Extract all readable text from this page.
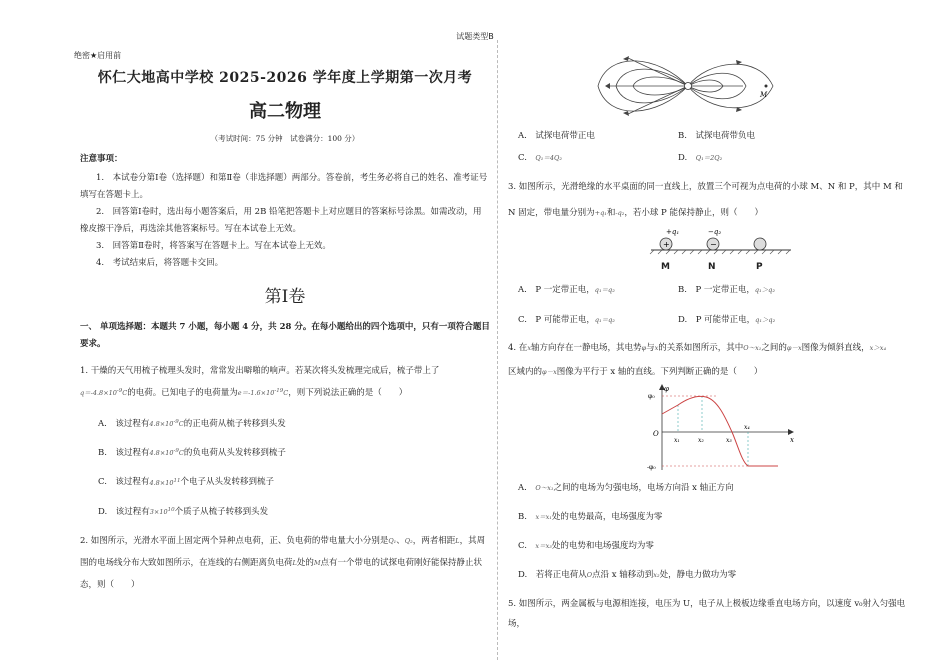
试题类型B
绝密★启用前
怀仁大地高中学校 2025-2026 学年度上学期第一次月考
高二物理
（考试时间：75 分钟　试卷满分：100 分）
注意事项：

1.　本试卷分第Ⅰ卷（选择题）和第Ⅱ卷（非选择题）两部分。答卷前，考生务必将自己的姓名、准考证号填写在答题卡上。

2.　回答第Ⅰ卷时，选出每小题答案后，用 2B 铅笔把答题卡上对应题目的答案标号涂黑。如需改动，用橡皮擦干净后，再选涂其他答案标号。写在本试卷上无效。

3.　回答第Ⅱ卷时，将答案写在答题卡上。写在本试卷上无效。

4.　考试结束后，将答题卡交回。

第Ⅰ卷

一、 单项选择题：本题共 7 小题，每小题 4 分，共 28 分。在每小题给出的四个选项中，只有一项符合题目要求。

1. 干燥的天气用梳子梳理头发时，常常发出噼啪的响声。若某次将头发梳理完成后，梳子带上了
$q=-4.8\times 10^{-9}C$的电荷。已知电子的电荷量为$e=-1.6\times 10^{-19}C$，则下列说法正确的是（　　）

A.　 该过程有$4.8\times 10^{-9}C$的正电荷从梳子转移到头发

B.　 该过程有$4.8\times 10^{-9}C$的负电荷从头发转移到梳子

C.　 该过程有$4.8\times 10^{11}$个电子从头发转移到梳子

D.　 该过程有$3\times 10^{10}$个质子从梳子转移到头发

2. 如图所示，光滑水平面上固定两个异种点电荷，正、负电荷的带电量大小分别是Q₁、Q₂，两者相距L，其周围的电场线分布大致如图所示，在连线的右侧距离负电荷L处的M点有一个带电的试探电荷刚好能保持静止状态，则（　　）

M
A.　 试探电荷带正电	B.　 试探电荷带负电
C.　 Q₁＝4Q₂	D.　 Q₁＝2Q₂

3. 如图所示，光滑绝缘的水平桌面的同一直线上，放置三个可视为点电荷的小球 M、N 和 P，其中 M 和 N 固定，带电量分别为+q₁和-q₂，若小球 P 能保持静止，则（　　）

+	−
+q₁	−q₂
M	N	P
A.　 P 一定带正电，q₁＝q₂	B.　 P 一定带正电，q₁＞q₂
C.　 P 可能带正电，q₁＝q₂	D.　 P 可能带正电，q₁＞q₂

4. 在x轴方向存在一静电场，其电势φ与x的关系如图所示，其中O～x₁之间的φ－x图像为倾斜直线，x＞x₄
区域内的φ－x图像为平行于 x 轴的直线。下列判断正确的是（　　）

φ
φ₀
O
-φ₀
x₁	x₂	x₃
x₄
x
A.　 O～x₁之间的电场为匀强电场，电场方向沿 x 轴正方向
B.　 x＝x₁处的电势最高，电场强度为零
C.　 x＝x₃处的电势和电场强度均为零
D.　 若将正电荷从O点沿 x 轴移动到x₂处，静电力做功为零

5. 如图所示，两金属板与电源相连接，电压为 U，电子从上极板边缘垂直电场方向，以速度 v₀射入匀强电场，
